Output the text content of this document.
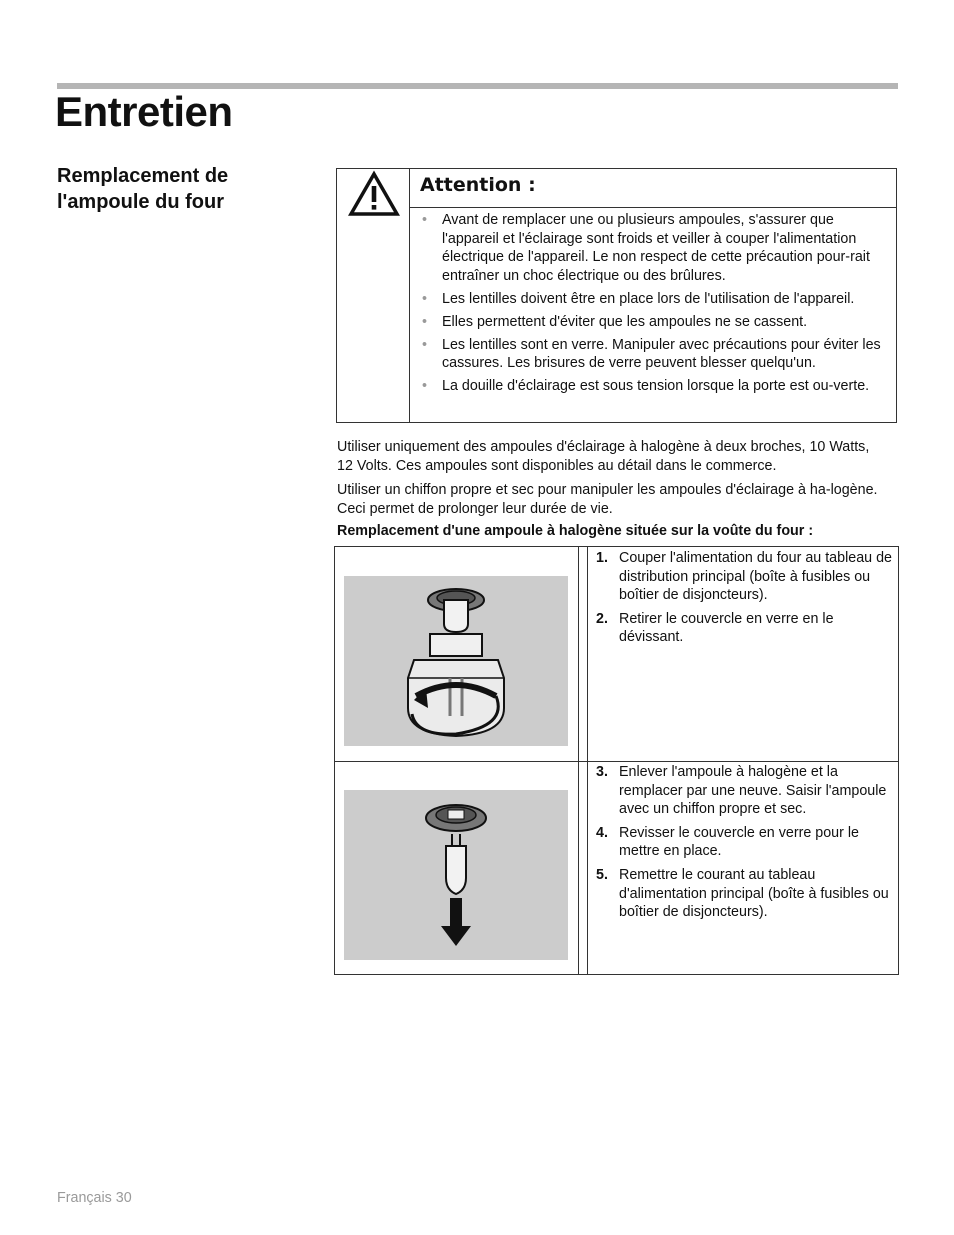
Entretien
Remplacement de l'ampoule du four
Attention :
• Avant de remplacer une ou plusieurs ampoules, s'assurer que l'appareil et l'éclairage sont froids et veiller à couper l'alimentation électrique de l'appareil. Le non respect de cette précaution pour-rait entraîner un choc électrique ou des brûlures.
• Les lentilles doivent être en place lors de l'utilisation de l'appareil.
• Elles permettent d'éviter que les ampoules ne se cassent.
• Les lentilles sont en verre. Manipuler avec précautions pour éviter les cassures. Les brisures de verre peuvent blesser quelqu'un.
• La douille d'éclairage est sous tension lorsque la porte est ou-verte.

Utiliser uniquement des ampoules d'éclairage à halogène à deux broches, 10 Watts, 12 Volts. Ces ampoules sont disponibles au détail dans le commerce.

Utiliser un chiffon propre et sec pour manipuler les ampoules d'éclairage à ha-logène. Ceci permet de prolonger leur durée de vie.

Remplacement d'une ampoule à halogène située sur la voûte du four :

1. Couper l'alimentation du four au tableau de distribution principal (boîte à fusibles ou boîtier de disjoncteurs).
2. Retirer le couvercle en verre en le dévissant.
3. Enlever l'ampoule à halogène et la remplacer par une neuve. Saisir l'ampoule avec un chiffon propre et sec.
4. Revisser le couvercle en verre pour le mettre en place.
5. Remettre le courant au tableau d'alimentation principal (boîte à fusibles ou boîtier de disjoncteurs).
Français 30
